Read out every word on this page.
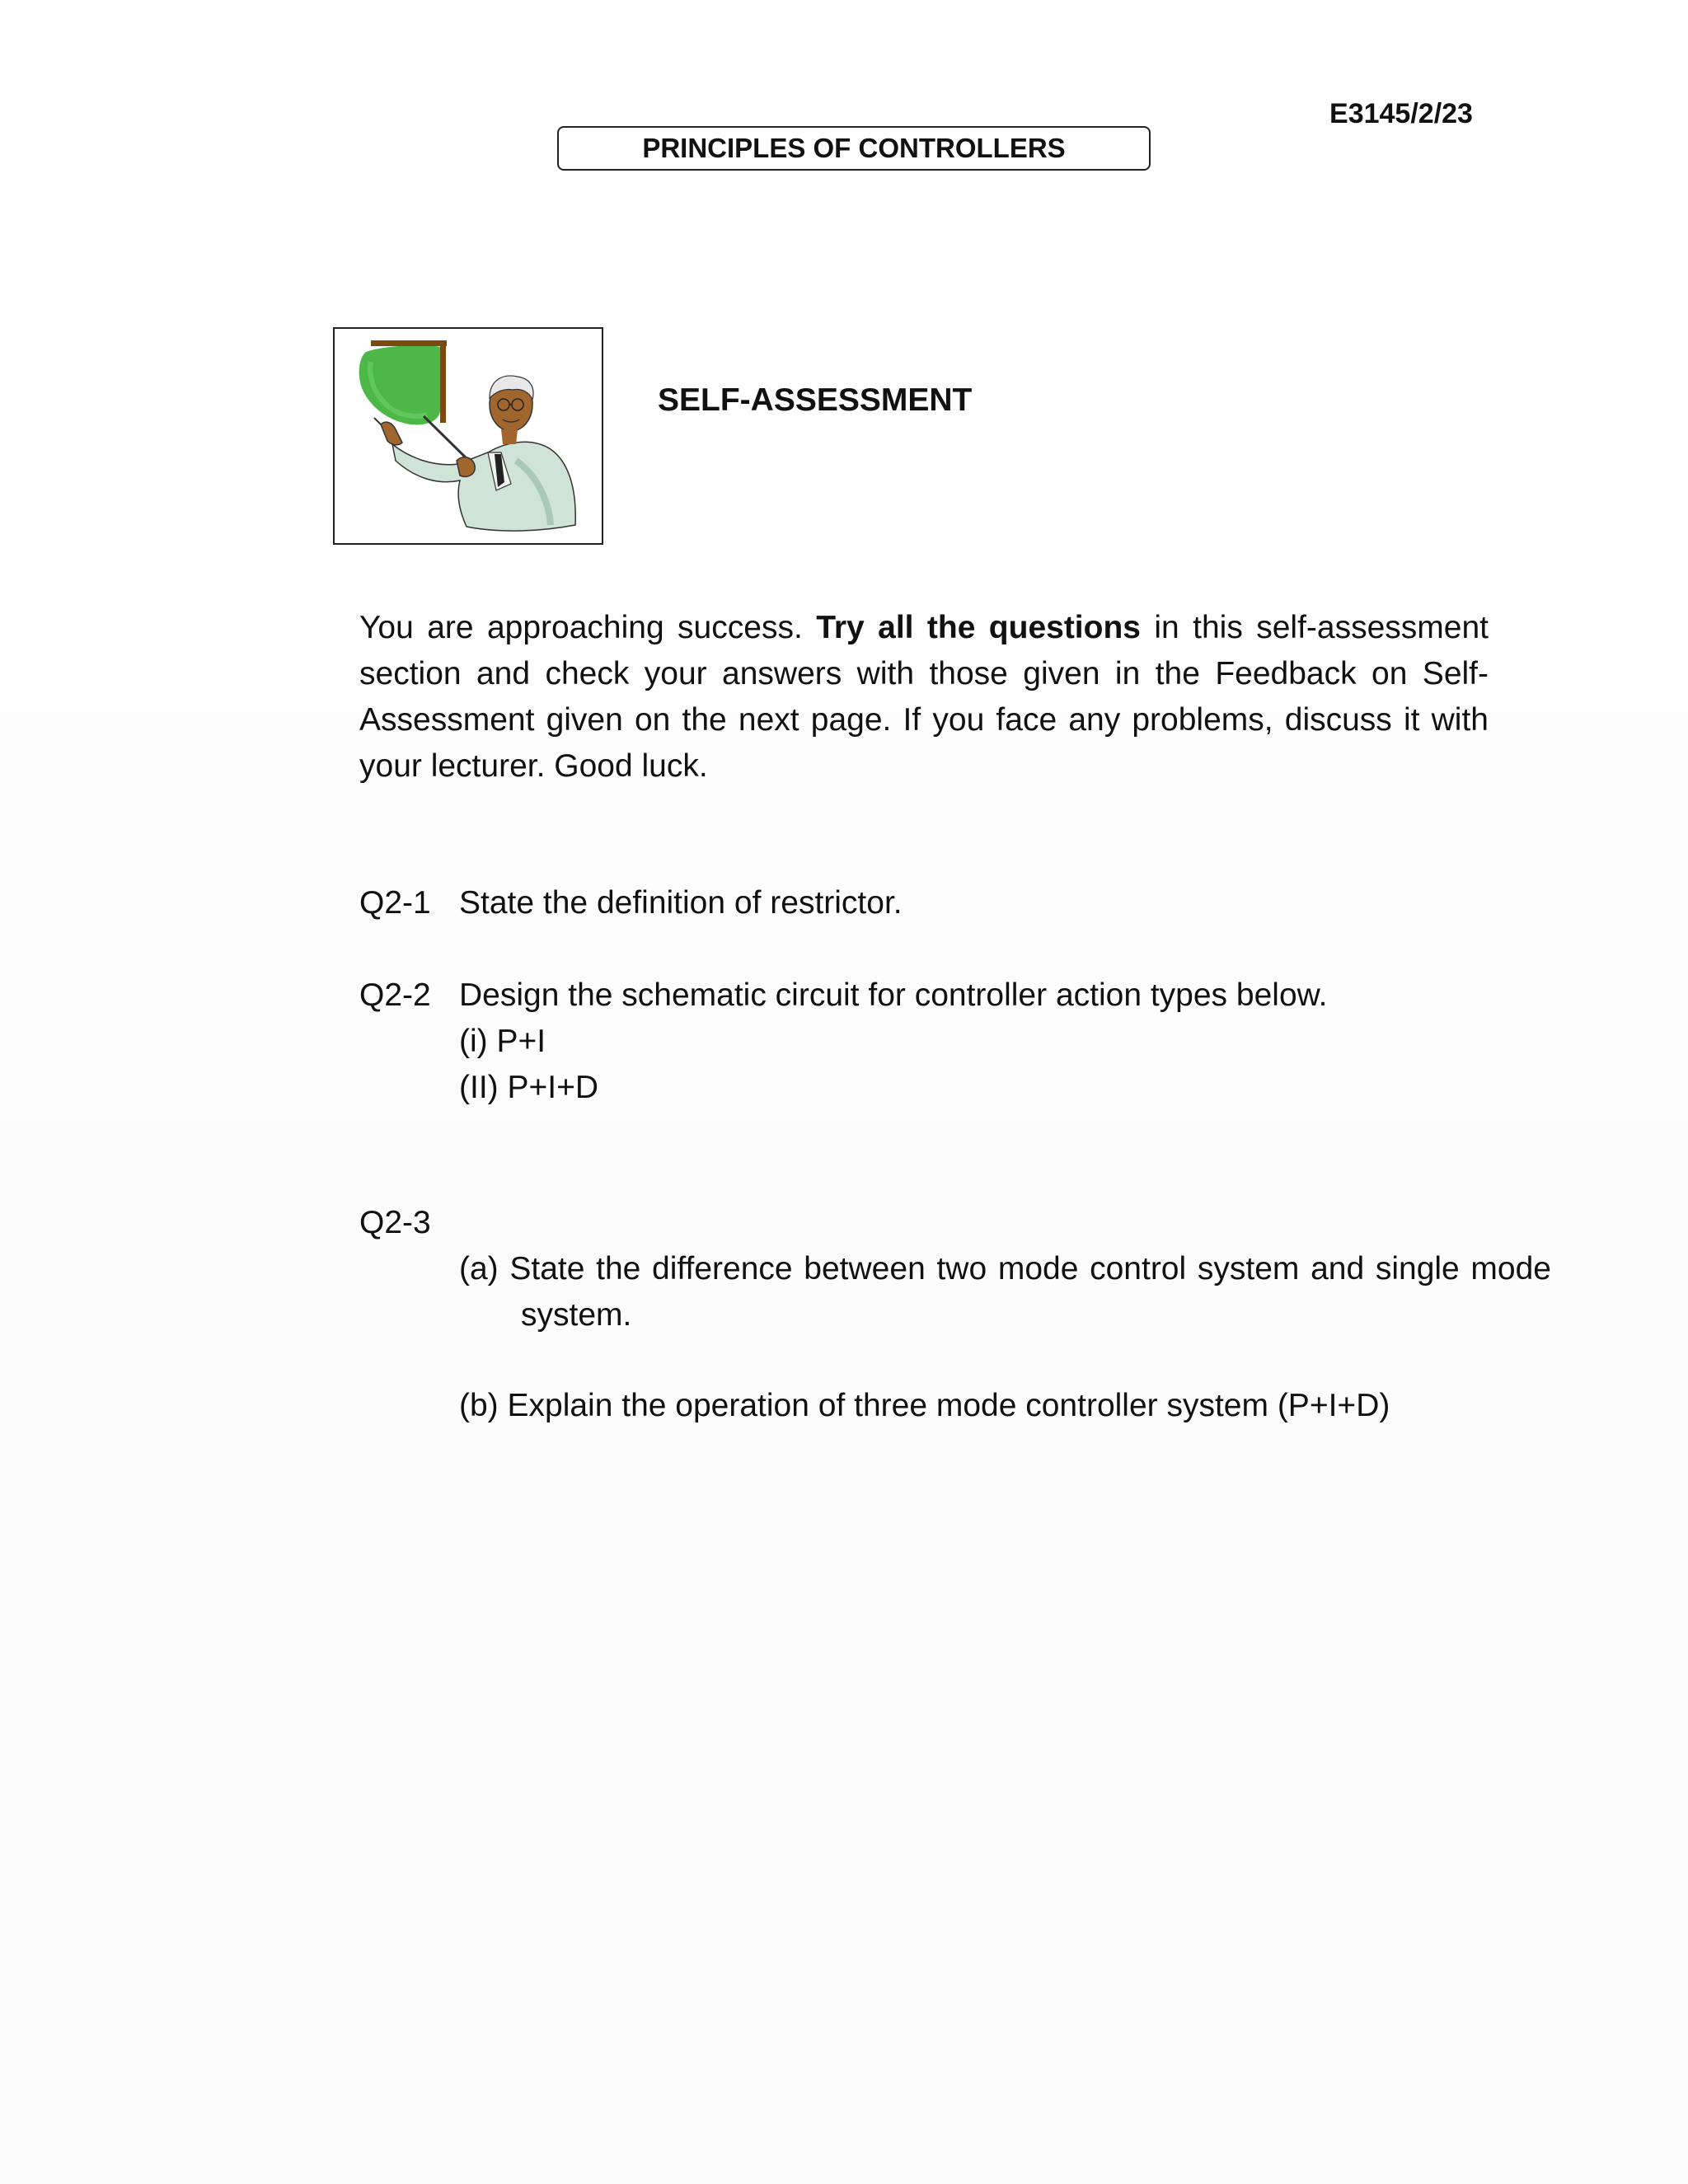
E3145/2/23
PRINCIPLES OF CONTROLLERS
SELF-ASSESSMENT

You are approaching success. Try all the questions in this self-assessment section and check your answers with those given in the Feedback on Self-Assessment given on the next page. If you face any problems, discuss it with your lecturer. Good luck.

Q2-1 State the definition of restrictor.
Q2-2 Design the schematic circuit for controller action types below.
(i) P+I
(II) P+I+D
Q2-3
(a) State the difference between two mode control system and single mode system.
(b) Explain the operation of three mode controller system (P+I+D)
